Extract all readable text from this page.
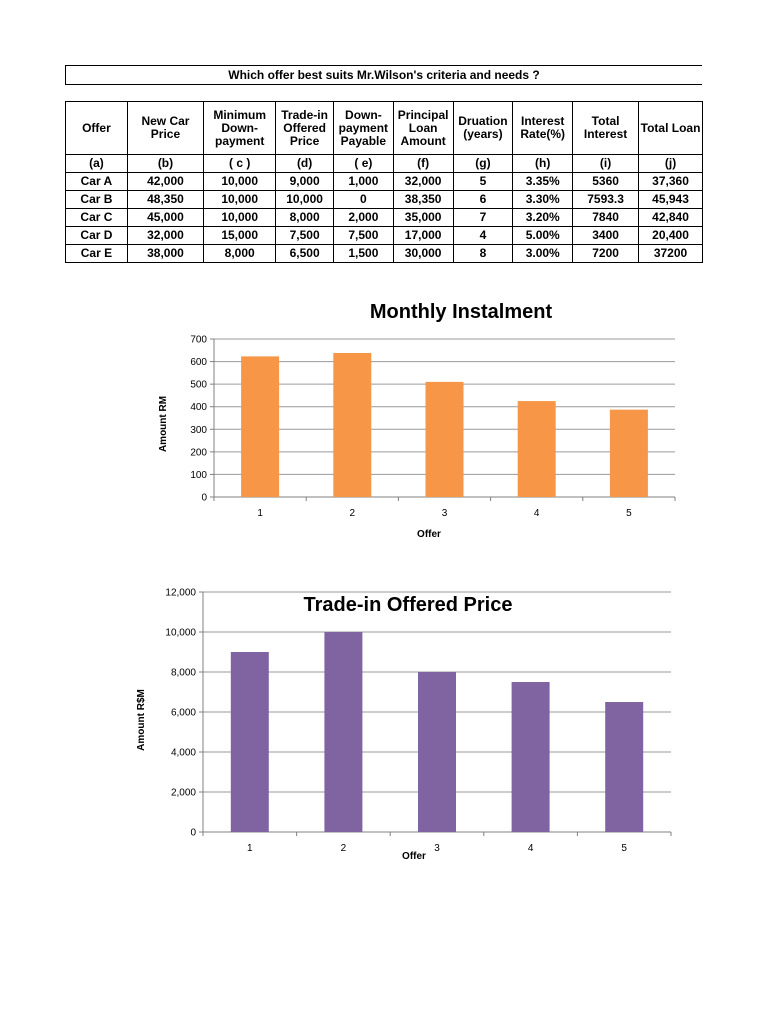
Which offer best suits Mr.Wilson's criteria and needs ?
Offer	New Car Price	Minimum Down-payment	Trade-in Offered Price	Down-payment Payable	Principal Loan Amount	Druation (years)	Interest Rate(%)	Total Interest	Total Loan
(a)	(b)	( c )	(d)	( e)	(f)	(g)	(h)	(i)	(j)
Car A	42,000	10,000	9,000	1,000	32,000	5	3.35%	5360	37,360
Car B	48,350	10,000	10,000	0	38,350	6	3.30%	7593.3	45,943
Car C	45,000	10,000	8,000	2,000	35,000	7	3.20%	7840	42,840
Car D	32,000	15,000	7,500	7,500	17,000	4	5.00%	3400	20,400
Car E	38,000	8,000	6,500	1,500	30,000	8	3.00%	7200	37200
Monthly Instalment
Amount RM
Offer
0
100
200
300
400
500
600
700
1	2	3	4	5
Trade-in Offered Price
Amount R$M
Offer
0
2,000
4,000
6,000
8,000
10,000
12,000
1	2	3	4	5
